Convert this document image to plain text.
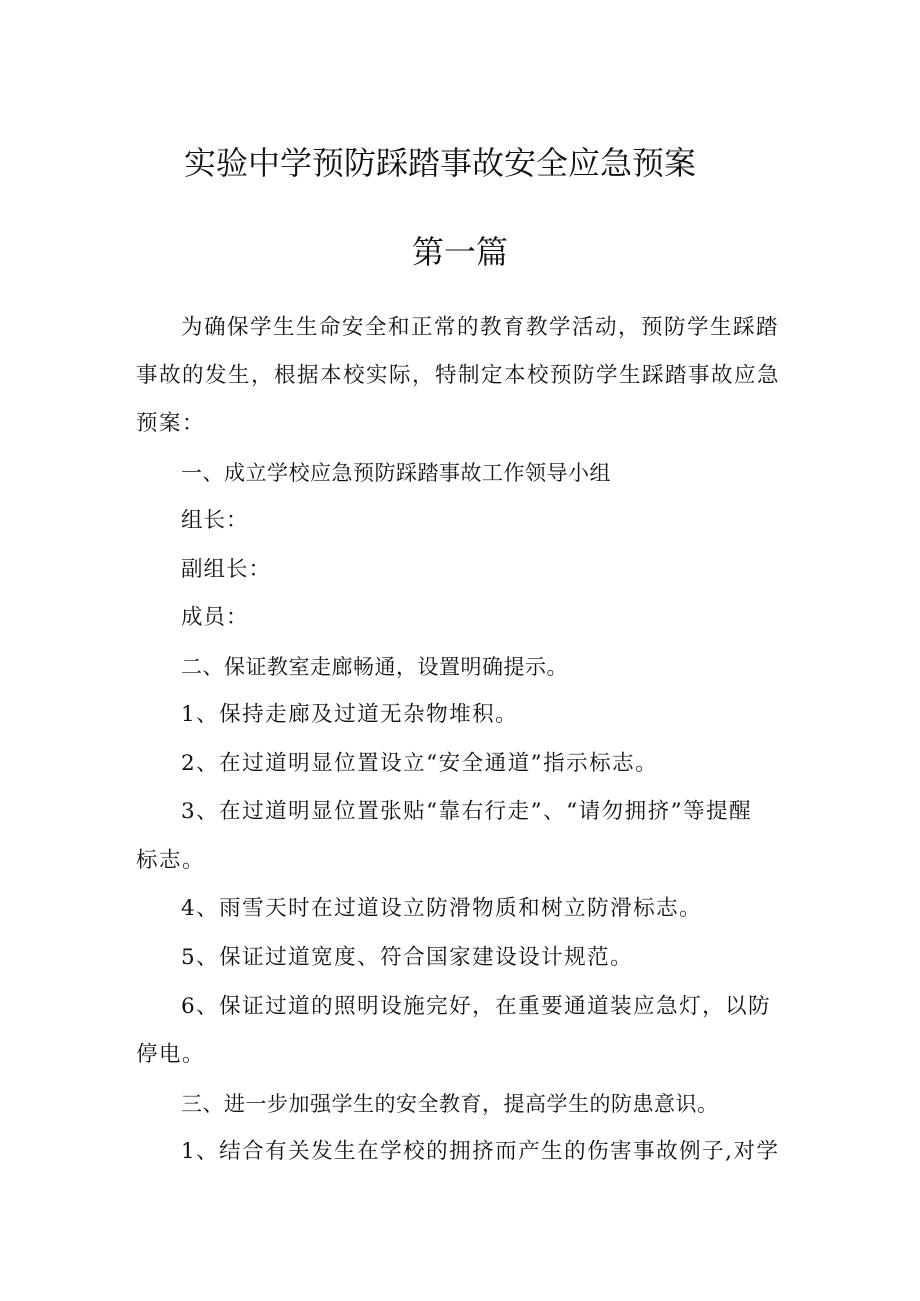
实验中学预防踩踏事故安全应急预案
第一篇

为确保学生生命安全和正常的教育教学活动，预防学生踩踏

事故的发生，根据本校实际，特制定本校预防学生踩踏事故应急

预案：

一、成立学校应急预防踩踏事故工作领导小组

组长：

副组长：

成员：

二、保证教室走廊畅通，设置明确提示。

1、保持走廊及过道无杂物堆积。

2、在过道明显位置设立“安全通道”指示标志。

3、在过道明显位置张贴“靠右行走”、“请勿拥挤”等提醒

标志。

4、雨雪天时在过道设立防滑物质和树立防滑标志。

5、保证过道宽度、符合国家建设设计规范。

6、保证过道的照明设施完好，在重要通道装应急灯，以防

停电。

三、进一步加强学生的安全教育，提高学生的防患意识。

1、结合有关发生在学校的拥挤而产生的伤害事故例子,对学
